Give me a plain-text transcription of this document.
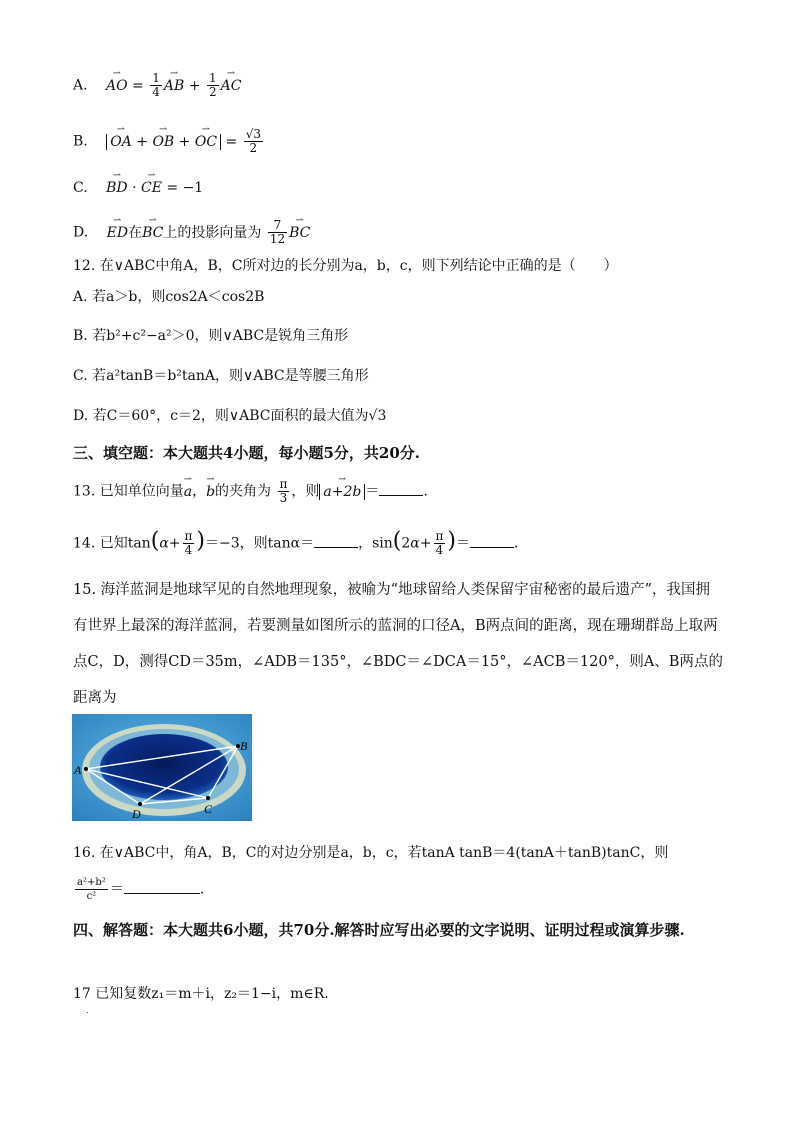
A. ⇀ AO = $\frac{1}{4}$ ⇀ AB + $\frac{1}{2}$ ⇀ AC
B. ⇀ OA + ⇀ OB + ⇀ OC = $\frac{√3}{2}$
C. ⇀ BD · ⇀ CE = −1
D. ⇀ ED在⇀ BC上的投影向量为 $\frac{7}{12}$ ⇀ BC
12. 在∨ABC中角A，B，C所对边的长分别为a，b，c，则下列结论中正确的是（　　）
A. 若a＞b，则cos2A＜cos2B
B. 若b²+c²−a²＞0，则∨ABC是锐角三角形
C. 若a²tanB＝b²tanA，则∨ABC是等腰三角形
D. 若C＝60°，c＝2，则∨ABC面积的最大值为√3
三、填空题：本大题共4小题，每小题5分，共20分.
13. 已知单位向量⇀ a，⇀ b的夹角为 $\frac{\pi}{3}$ ，则 ⇀ a+2b ＝	.
14. 已知$\tan(\alpha+ \frac{\pi}{4} )=-3$，则tanα＝	，$\sin(2\alpha+ \frac{\pi}{4}$ )＝	.
15. 海洋蓝洞是地球罕见的自然地理现象，被喻为“地球留给人类保留宇宙秘密的最后遗产”，我国拥有世界上最深的海洋蓝洞，若要测量如图所示的蓝洞的口径A，B两点间的距离，现在珊瑚群岛上取两点C，D，测得CD＝35m，∠ADB＝135°，∠BDC＝∠DCA＝15°，∠ACB＝120°，则A、B两点的距离为

A
B
C
D
16. 在∨ABC中，角A，B，C的对边分别是a，b，c，若tanA tanB＝4(tanA＋tanB)tanC，则
$\frac{\text{a²+b²}}{\text{c²}}$ ＝	.
四、解答题：本大题共6小题，共70分.解答时应写出必要的文字说明、证明过程或演算步骤.
17 已知复数z₁＝m＋i，z₂＝1−i，m∈R.
.
